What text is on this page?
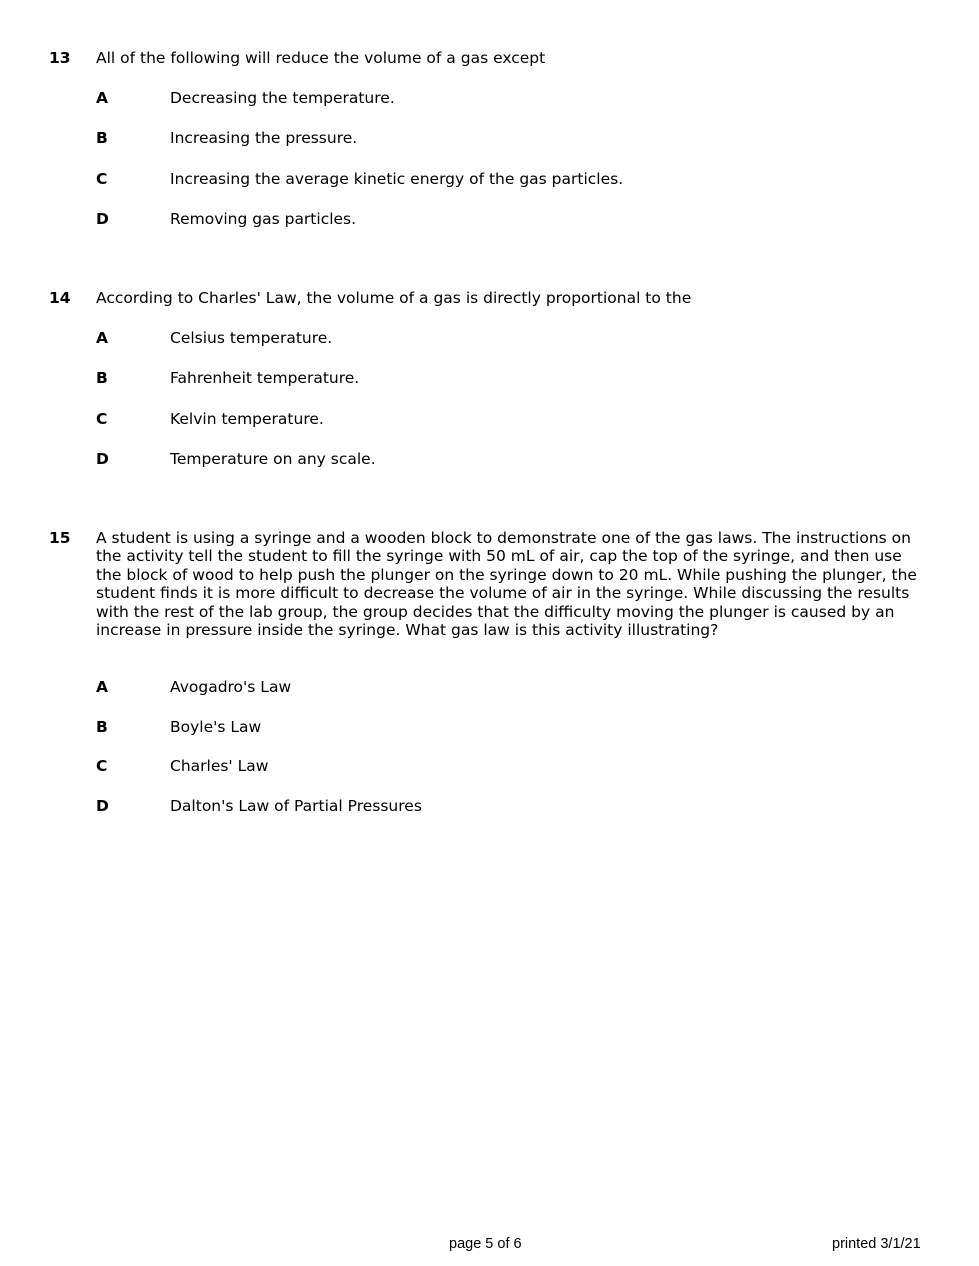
13 All of the following will reduce the volume of a gas except
A	Decreasing the temperature.
B	Increasing the pressure.
C	Increasing the average kinetic energy of the gas particles.
D	Removing gas particles.
14 According to Charles' Law, the volume of a gas is directly proportional to the
A	Celsius temperature.
B	Fahrenheit temperature.
C	Kelvin temperature.
D	Temperature on any scale.
15 A student is using a syringe and a wooden block to demonstrate one of the gas laws. The instructions on the activity tell the student to fill the syringe with 50 mL of air, cap the top of the syringe, and then use the block of wood to help push the plunger on the syringe down to 20 mL. While pushing the plunger, the student finds it is more difficult to decrease the volume of air in the syringe. While discussing the results with the rest of the lab group, the group decides that the difficulty moving the plunger is caused by an increase in pressure inside the syringe. What gas law is this activity illustrating?
A	Avogadro's Law
B	Boyle's Law
C	Charles' Law
D	Dalton's Law of Partial Pressures
page 5 of 6	printed 3/1/21
